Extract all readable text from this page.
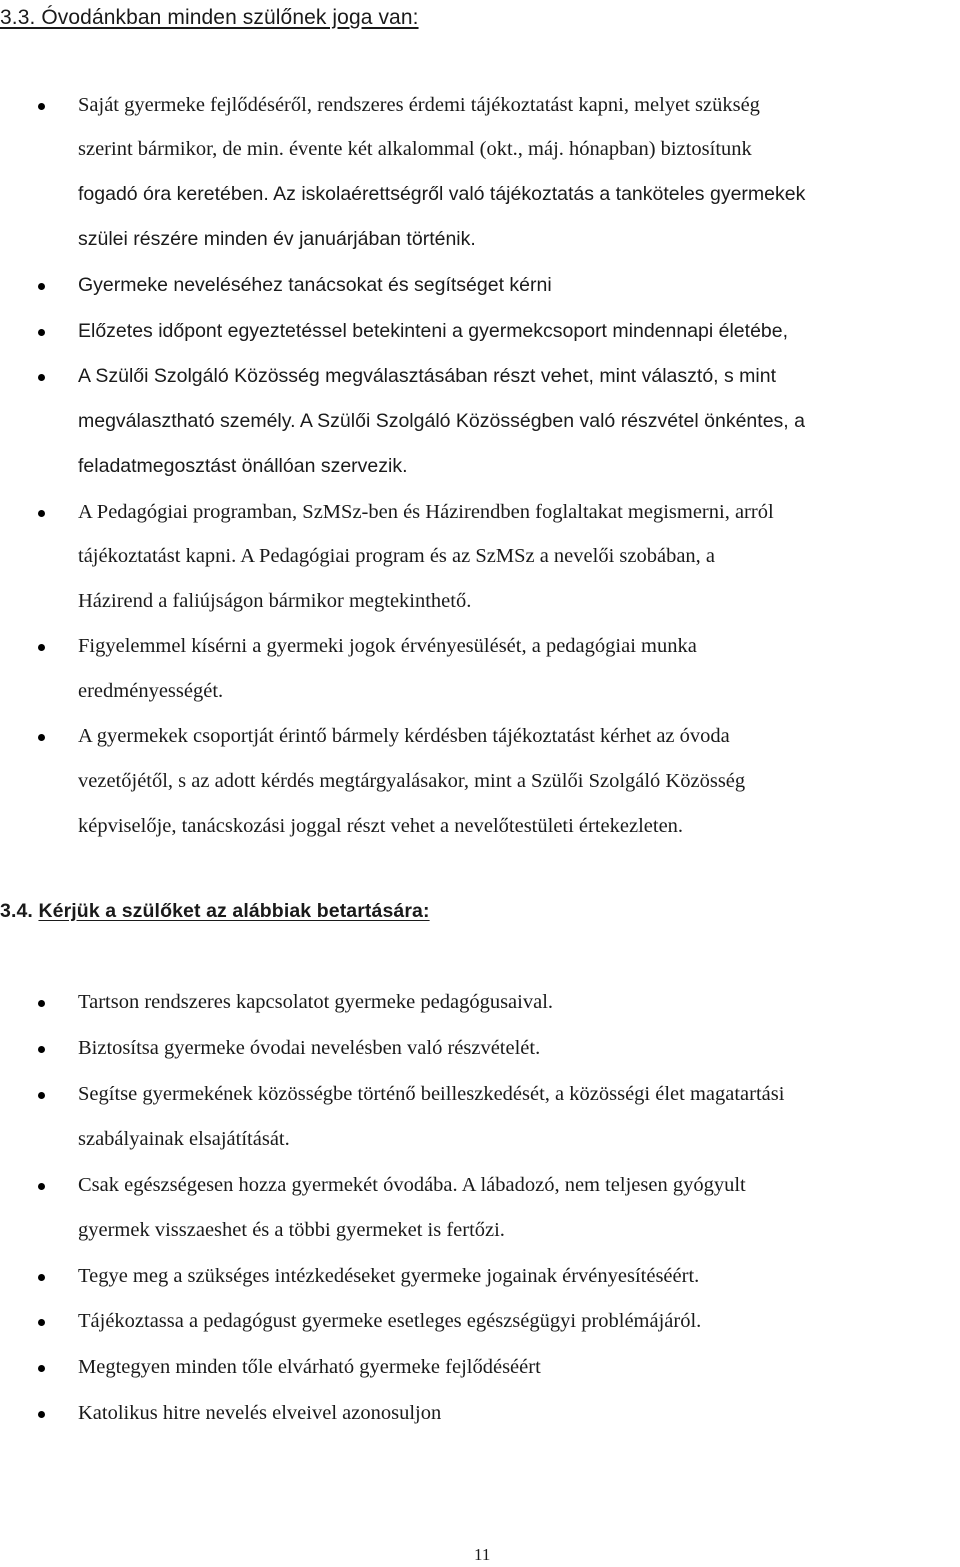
3.3. Óvodánkban minden szülőnek joga van:
Saját gyermeke fejlődéséről, rendszeres érdemi tájékoztatást kapni, melyet szükség
szerint bármikor, de min. évente két alkalommal (okt., máj. hónapban) biztosítunk
fogadó óra keretében. Az iskolaérettségről való tájékoztatás a tanköteles gyermekek
szülei részére minden év januárjában történik.
Gyermeke neveléséhez tanácsokat és segítséget kérni
Előzetes időpont egyeztetéssel betekinteni a gyermekcsoport mindennapi életébe,
A Szülői Szolgáló Közösség megválasztásában részt vehet, mint választó, s mint
megválasztható személy. A Szülői Szolgáló Közösségben való részvétel önkéntes, a
feladatmegosztást önállóan szervezik.
A Pedagógiai programban, SzMSz-ben és Házirendben foglaltakat megismerni, arról
tájékoztatást kapni. A Pedagógiai program és az SzMSz a nevelői szobában, a
Házirend a faliújságon bármikor megtekinthető.
Figyelemmel kísérni a gyermeki jogok érvényesülését, a pedagógiai munka
eredményességét.
A gyermekek csoportját érintő bármely kérdésben tájékoztatást kérhet az óvoda
vezetőjétől, s az adott kérdés megtárgyalásakor, mint a Szülői Szolgáló Közösség
képviselője, tanácskozási joggal részt vehet a nevelőtestületi értekezleten.
3.4. Kérjük a szülőket az alábbiak betartására:
Tartson rendszeres kapcsolatot gyermeke pedagógusaival.
Biztosítsa gyermeke óvodai nevelésben való részvételét.
Segítse gyermekének közösségbe történő beilleszkedését, a közösségi élet magatartási
szabályainak elsajátítását.
Csak egészségesen hozza gyermekét óvodába. A lábadozó, nem teljesen gyógyult
gyermek visszaeshet és a többi gyermeket is fertőzi.
Tegye meg a szükséges intézkedéseket gyermeke jogainak érvényesítéséért.
Tájékoztassa a pedagógust gyermeke esetleges egészségügyi problémájáról.
Megtegyen minden tőle elvárható gyermeke fejlődéséért
Katolikus hitre nevelés elveivel azonosuljon
11
